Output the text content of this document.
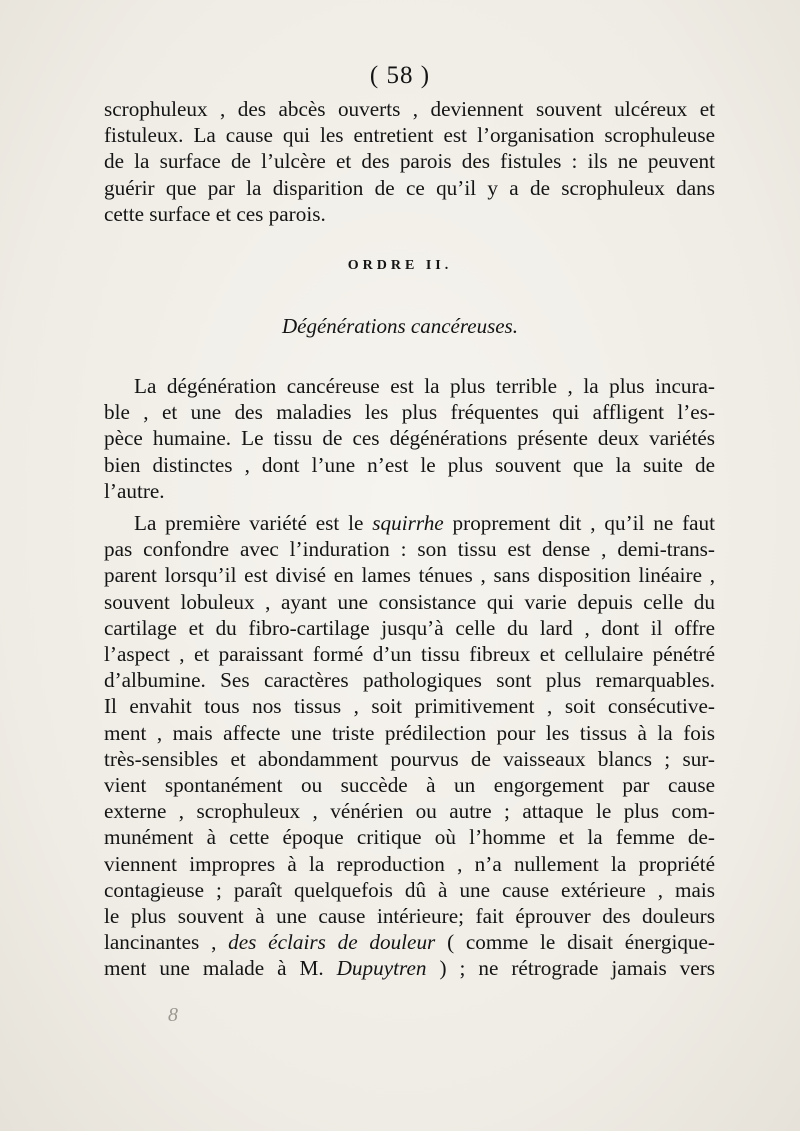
( 58 )

scrophuleux , des abcès ouverts , deviennent souvent ulcéreux et

fistuleux. La cause qui les entretient est l’organisation scrophuleuse

de la surface de l’ulcère et des parois des fistules : ils ne peuvent

guérir que par la disparition de ce qu’il y a de scrophuleux dans

cette surface et ces parois.

ORDRE II.
Dégénérations cancéreuses.

La dégénération cancéreuse est la plus terrible , la plus incura-

ble , et une des maladies les plus fréquentes qui affligent l’es-

pèce humaine. Le tissu de ces dégénérations présente deux variétés

bien distinctes , dont l’une n’est le plus souvent que la suite de

l’autre.

La première variété est le squirrhe proprement dit , qu’il ne faut

pas confondre avec l’induration : son tissu est dense , demi-trans-

parent lorsqu’il est divisé en lames ténues , sans disposition linéaire ,

souvent lobuleux , ayant une consistance qui varie depuis celle du

cartilage et du fibro-cartilage jusqu’à celle du lard , dont il offre

l’aspect , et paraissant formé d’un tissu fibreux et cellulaire pénétré

d’albumine. Ses caractères pathologiques sont plus remarquables.

Il envahit tous nos tissus , soit primitivement , soit consécutive-

ment , mais affecte une triste prédilection pour les tissus à la fois

très-sensibles et abondamment pourvus de vaisseaux blancs ; sur-

vient spontanément ou succède à un engorgement par cause

externe , scrophuleux , vénérien ou autre ; attaque le plus com-

munément à cette époque critique où l’homme et la femme de-

viennent impropres à la reproduction , n’a nullement la propriété

contagieuse ; paraît quelquefois dû à une cause extérieure , mais

le plus souvent à une cause intérieure; fait éprouver des douleurs

lancinantes , des éclairs de douleur ( comme le disait énergique-

ment une malade à M. Dupuytren ) ; ne rétrograde jamais vers

8
